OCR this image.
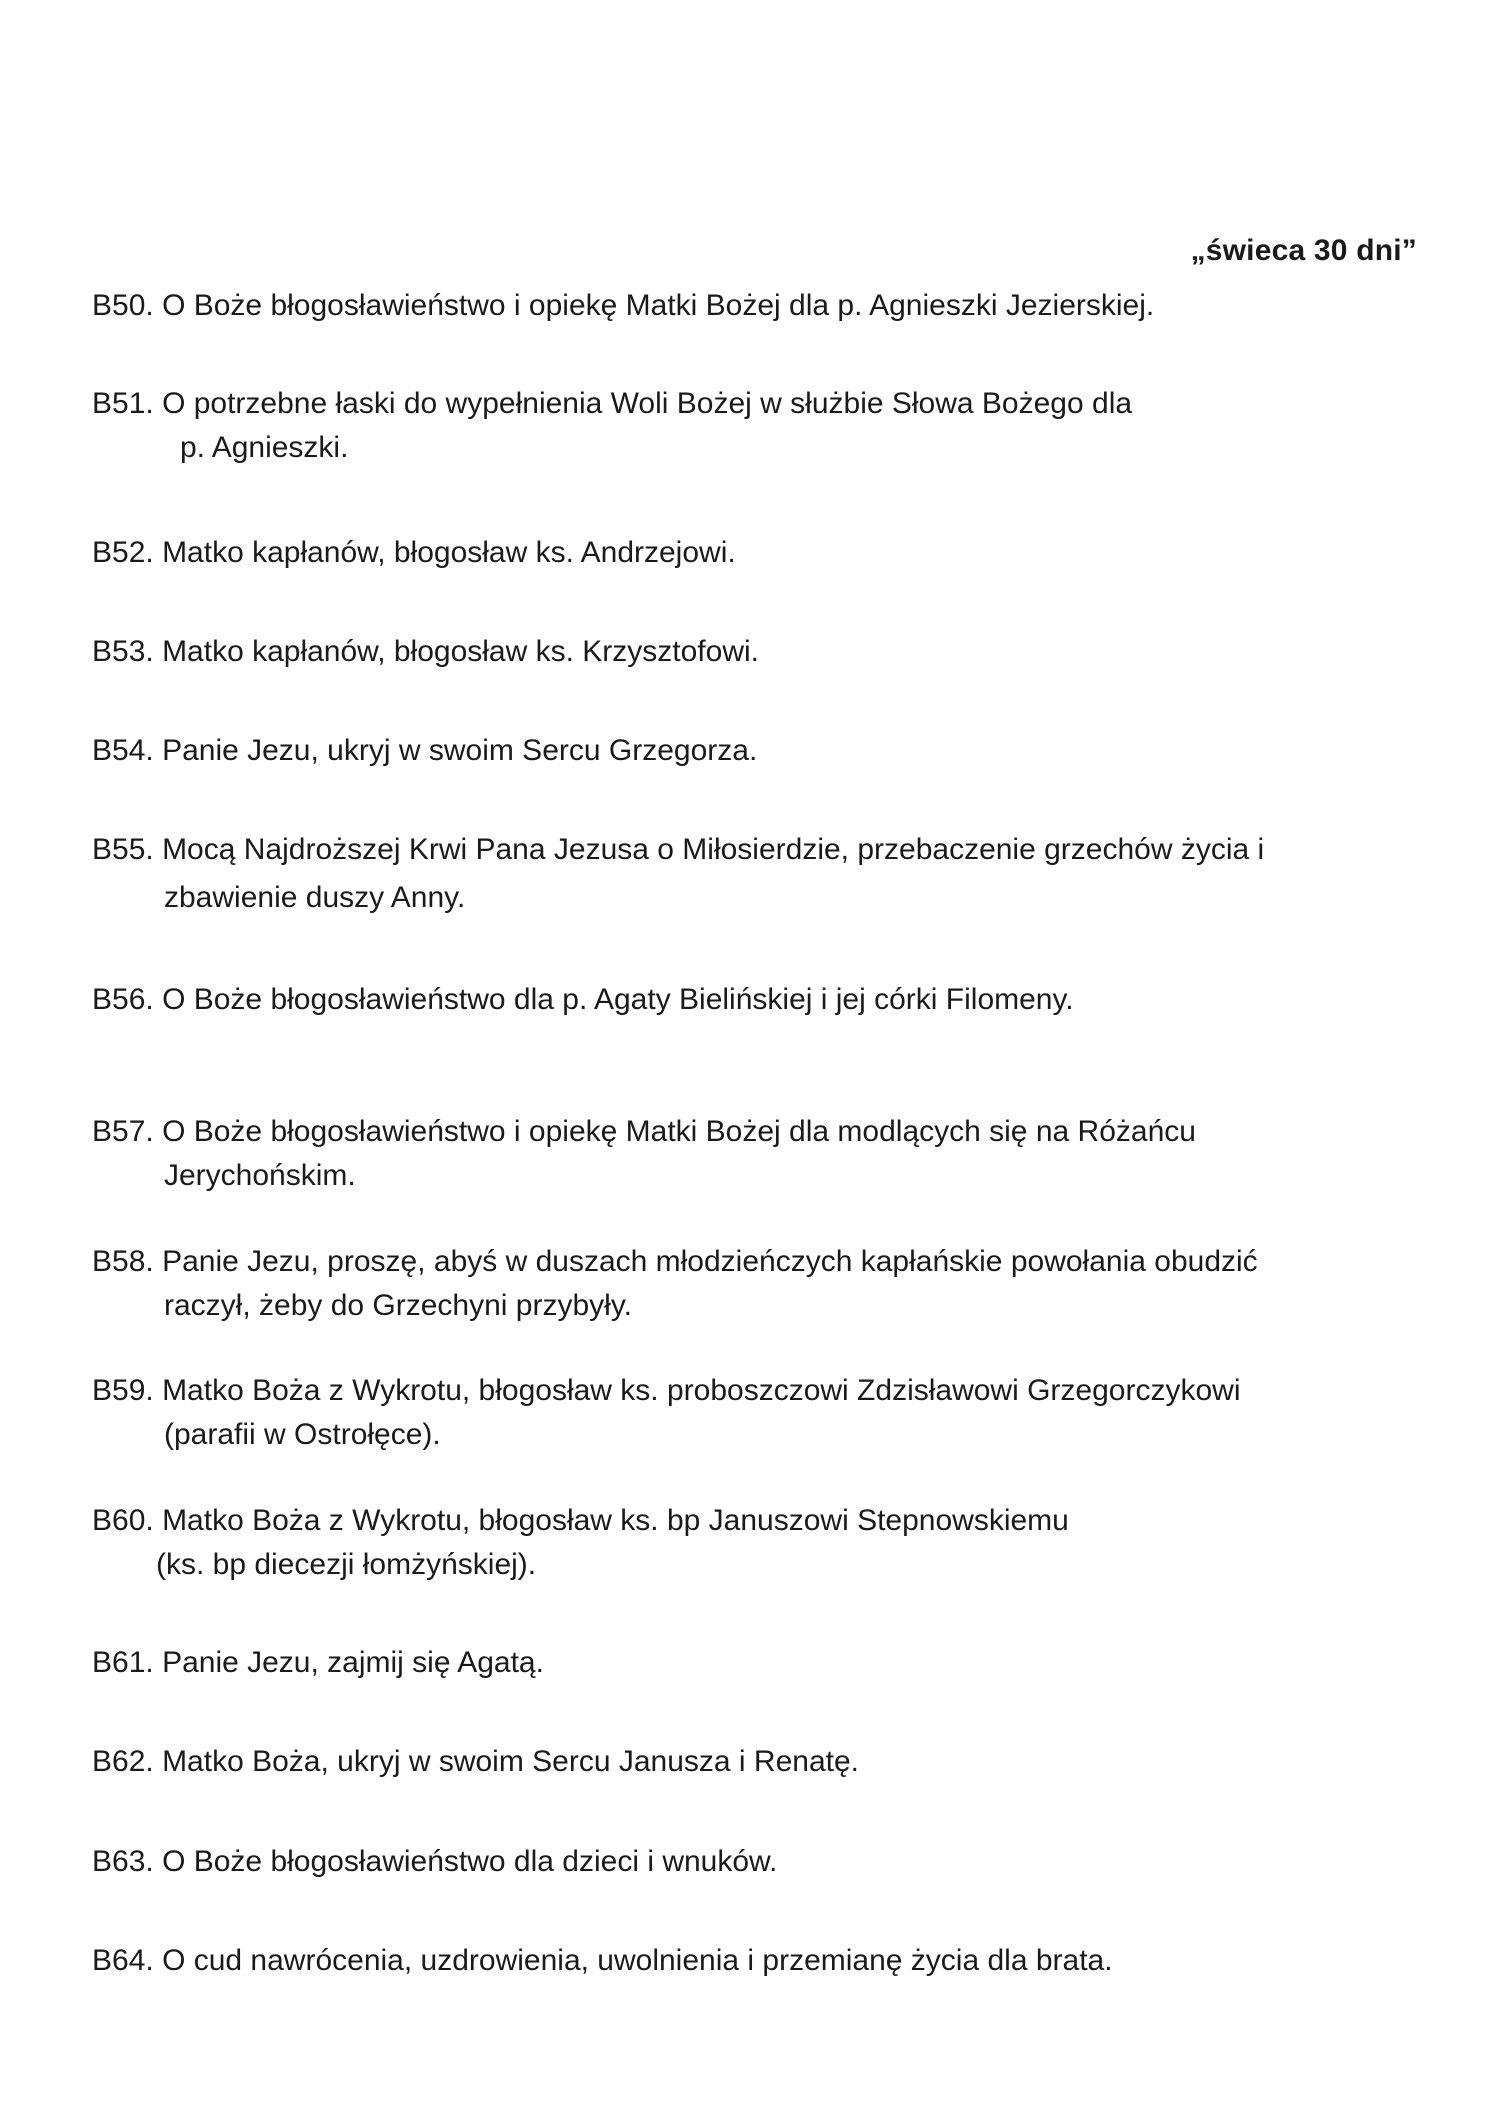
„świeca 30 dni”
B50. O Boże błogosławieństwo i opiekę Matki Bożej dla p. Agnieszki Jezierskiej.
B51. O potrzebne łaski do wypełnienia Woli Bożej w służbie Słowa Bożego dla
p. Agnieszki.
B52. Matko kapłanów, błogosław ks. Andrzejowi.
B53. Matko kapłanów, błogosław ks. Krzysztofowi.
B54. Panie Jezu, ukryj w swoim Sercu Grzegorza.
B55. Mocą Najdroższej Krwi Pana Jezusa o Miłosierdzie, przebaczenie grzechów życia i
zbawienie duszy Anny.
B56. O Boże błogosławieństwo dla p. Agaty Bielińskiej i jej córki Filomeny.
B57. O Boże błogosławieństwo i opiekę Matki Bożej dla modlących się na Różańcu
Jerychońskim.
B58. Panie Jezu, proszę, abyś w duszach młodzieńczych kapłańskie powołania obudzić
raczył, żeby do Grzechyni przybyły.
B59. Matko Boża z Wykrotu, błogosław ks. proboszczowi Zdzisławowi Grzegorczykowi
(parafii w Ostrołęce).
B60. Matko Boża z Wykrotu, błogosław ks. bp Januszowi Stepnowskiemu
(ks. bp diecezji łomżyńskiej).
B61. Panie Jezu, zajmij się Agatą.
B62. Matko Boża, ukryj w swoim Sercu Janusza i Renatę.
B63. O Boże błogosławieństwo dla dzieci i wnuków.
B64. O cud nawrócenia, uzdrowienia, uwolnienia i przemianę życia dla brata.
